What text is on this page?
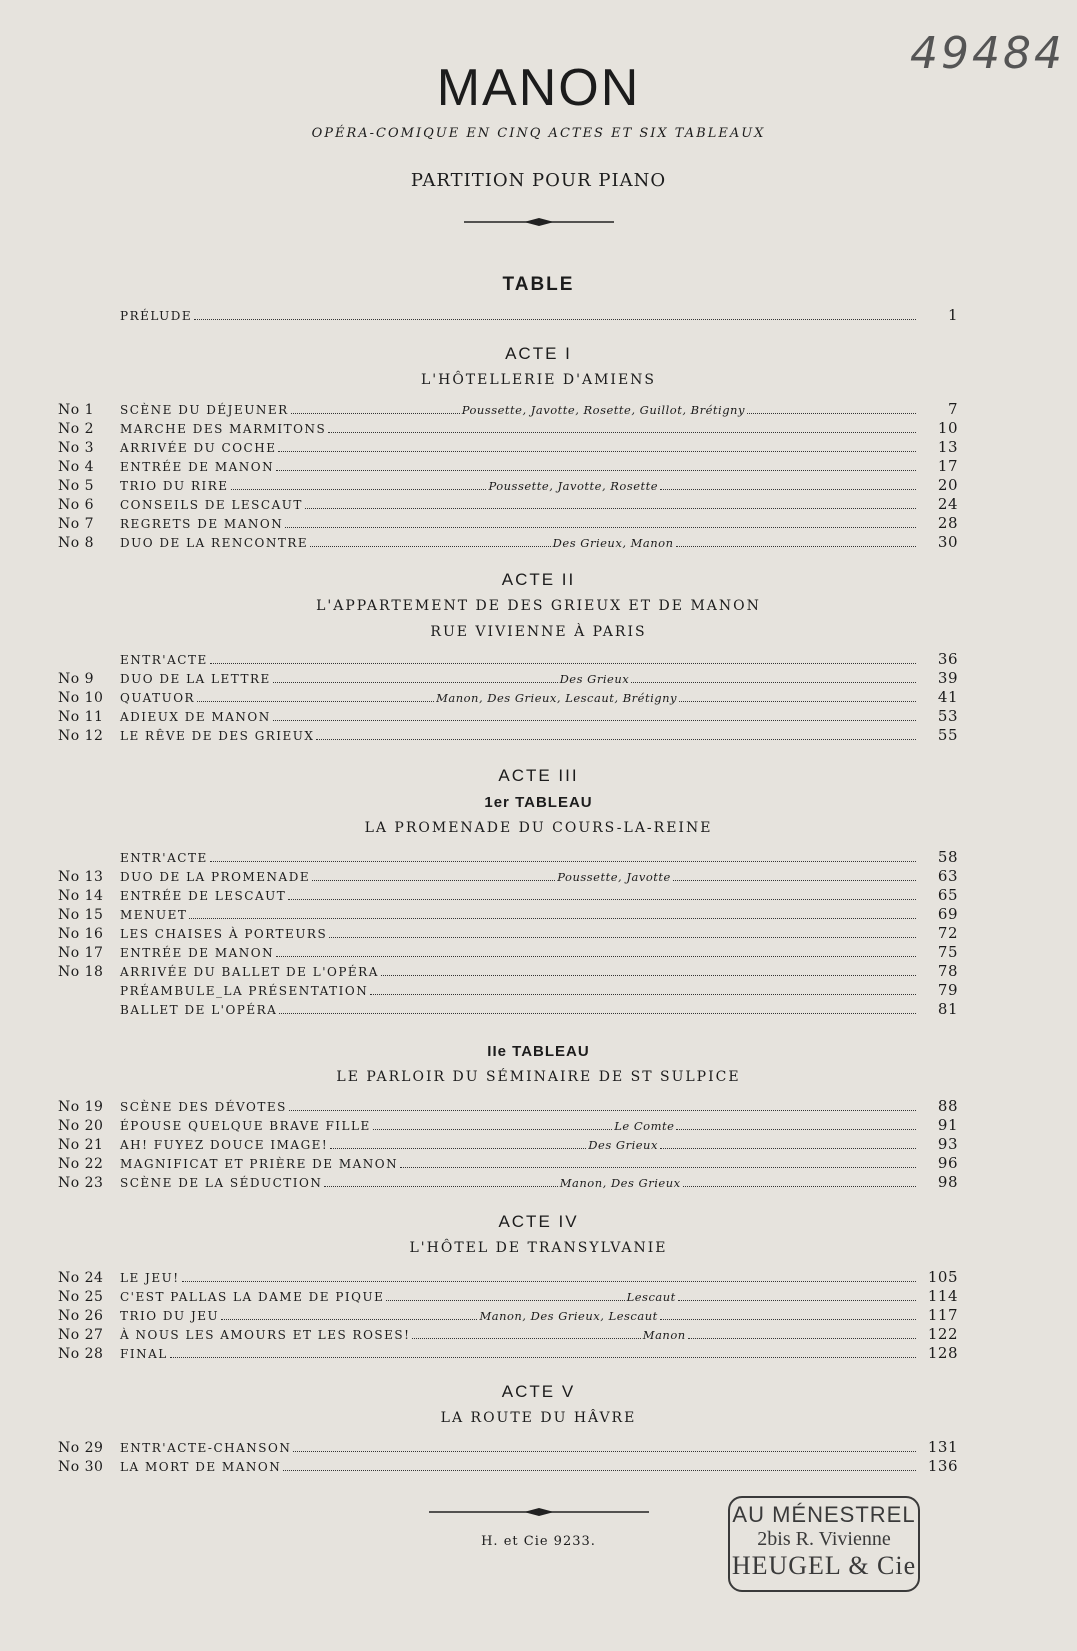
49484
MANON
OPÉRA-COMIQUE EN CINQ ACTES ET SIX TABLEAUX
PARTITION POUR PIANO
TABLE
PRÉLUDE	1
ACTE I
L'HÔTELLERIE D'AMIENS
ACTE II
L'APPARTEMENT DE DES GRIEUX ET DE MANON
RUE VIVIENNE À PARIS
ACTE III
1er TABLEAU
LA PROMENADE DU COURS-LA-REINE
IIe TABLEAU
LE PARLOIR DU SÉMINAIRE DE ST SULPICE
ACTE IV
L'HÔTEL DE TRANSYLVANIE
ACTE V
LA ROUTE DU HÂVRE
H. et Cie 9233.
AU MÉNESTREL
2bis R. Vivienne
HEUGEL & Cie
No 1	SCÈNE DU DÉJEUNER	Poussette, Javotte, Rosette, Guillot, Brétigny	7
No 2	MARCHE DES MARMITONS	10
No 3	ARRIVÉE DU COCHE	13
No 4	ENTRÉE DE MANON	17
No 5	TRIO DU RIRE	Poussette, Javotte, Rosette	20
No 6	CONSEILS DE LESCAUT	24
No 7	REGRETS DE MANON	28
No 8	DUO DE LA RENCONTRE	Des Grieux, Manon	30
ENTR'ACTE	36
No 9	DUO DE LA LETTRE	Des Grieux	39
No 10	QUATUOR	Manon, Des Grieux, Lescaut, Brétigny	41
No 11	ADIEUX DE MANON	53
No 12	LE RÊVE DE DES GRIEUX	55
ENTR'ACTE	58
No 13	DUO DE LA PROMENADE	Poussette, Javotte	63
No 14	ENTRÉE DE LESCAUT	65
No 15	MENUET	69
No 16	LES CHAISES À PORTEURS	72
No 17	ENTRÉE DE MANON	75
No 18	ARRIVÉE DU BALLET DE L'OPÉRA	78
PRÉAMBULE_LA PRÉSENTATION	79
BALLET DE L'OPÉRA	81
No 19	SCÈNE DES DÉVOTES	88
No 20	ÉPOUSE QUELQUE BRAVE FILLE	Le Comte	91
No 21	AH! FUYEZ DOUCE IMAGE!	Des Grieux	93
No 22	MAGNIFICAT ET PRIÈRE DE MANON	96
No 23	SCÈNE DE LA SÉDUCTION	Manon, Des Grieux	98
No 24	LE JEU!	105
No 25	C'EST PALLAS LA DAME DE PIQUE	Lescaut	114
No 26	TRIO DU JEU	Manon, Des Grieux, Lescaut	117
No 27	À NOUS LES AMOURS ET LES ROSES!	Manon	122
No 28	FINAL	128
No 29	ENTR'ACTE-CHANSON	131
No 30	LA MORT DE MANON	136
